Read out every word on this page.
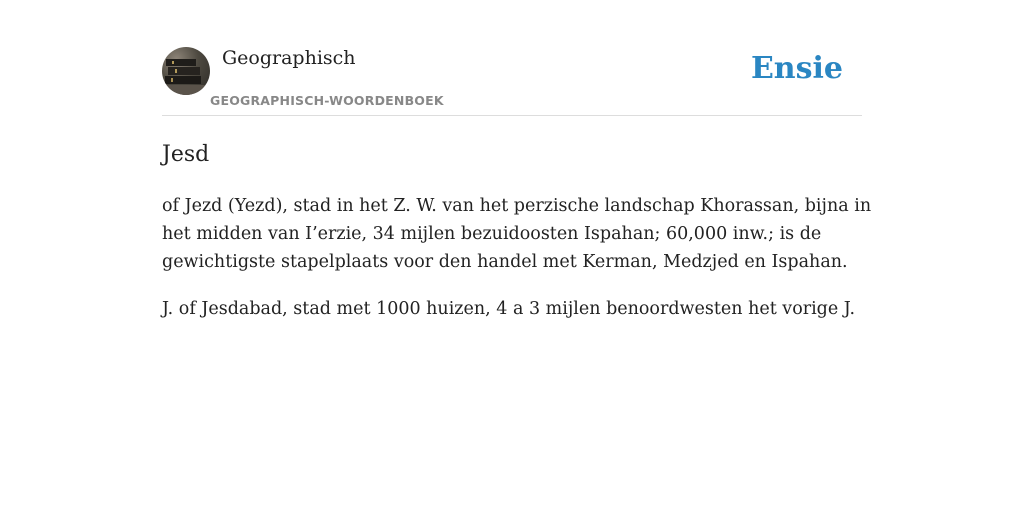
Geographisch
GEOGRAPHISCH-WOORDENBOEK
Ensie
Jesd

of Jezd (Yezd), stad in het Z. W. van het perzische landschap Khorassan, bijna in
het midden van I’erzie, 34 mijlen bezuidoosten Ispahan; 60,000 inw.; is de
gewichtigste stapelplaats voor den handel met Kerman, Medzjed en Ispahan.

J. of Jesdabad, stad met 1000 huizen, 4 a 3 mijlen benoordwesten het vorige J.
